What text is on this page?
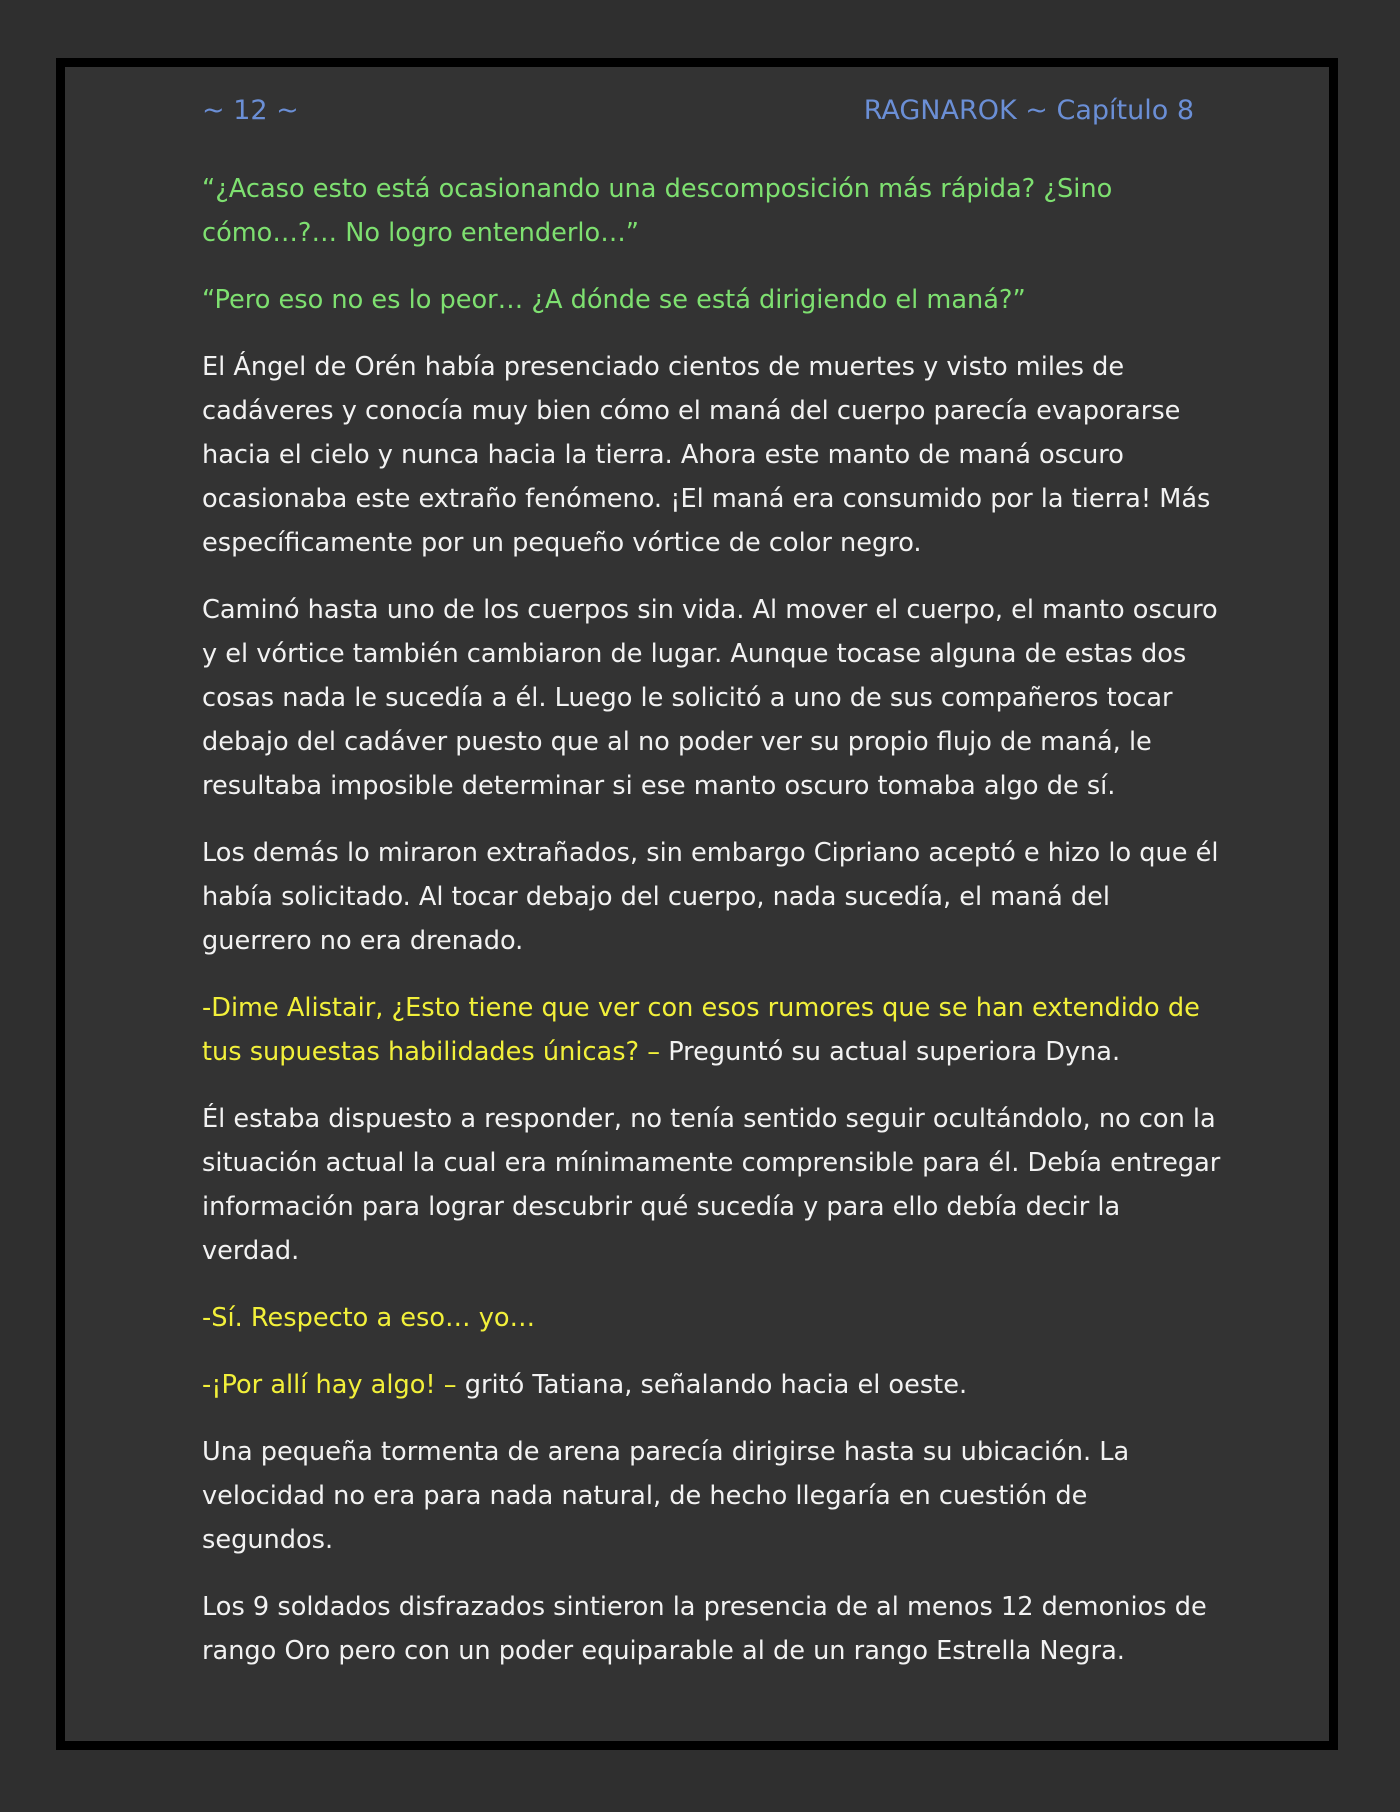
~ 12 ~	RAGNAROK ~ Capítulo 8

“¿Acaso esto está ocasionando una descomposición más rápida? ¿Sino cómo…?… No logro entenderlo…”

“Pero eso no es lo peor… ¿A dónde se está dirigiendo el maná?”

El Ángel de Orén había presenciado cientos de muertes y visto miles de cadáveres y conocía muy bien cómo el maná del cuerpo parecía evaporarse hacia el cielo y nunca hacia la tierra. Ahora este manto de maná oscuro ocasionaba este extraño fenómeno. ¡El maná era consumido por la tierra! Más específicamente por un pequeño vórtice de color negro.

Caminó hasta uno de los cuerpos sin vida. Al mover el cuerpo, el manto oscuro y el vórtice también cambiaron de lugar. Aunque tocase alguna de estas dos cosas nada le sucedía a él. Luego le solicitó a uno de sus compañeros tocar debajo del cadáver puesto que al no poder ver su propio flujo de maná, le resultaba imposible determinar si ese manto oscuro tomaba algo de sí.

Los demás lo miraron extrañados, sin embargo Cipriano aceptó e hizo lo que él había solicitado. Al tocar debajo del cuerpo, nada sucedía, el maná del guerrero no era drenado.

-Dime Alistair, ¿Esto tiene que ver con esos rumores que se han extendido de tus supuestas habilidades únicas? – Preguntó su actual superiora Dyna.

Él estaba dispuesto a responder, no tenía sentido seguir ocultándolo, no con la situación actual la cual era mínimamente comprensible para él. Debía entregar información para lograr descubrir qué sucedía y para ello debía decir la verdad.

-Sí. Respecto a eso… yo…

-¡Por allí hay algo! – gritó Tatiana, señalando hacia el oeste.

Una pequeña tormenta de arena parecía dirigirse hasta su ubicación. La velocidad no era para nada natural, de hecho llegaría en cuestión de segundos.

Los 9 soldados disfrazados sintieron la presencia de al menos 12 demonios de rango Oro pero con un poder equiparable al de un rango Estrella Negra.
